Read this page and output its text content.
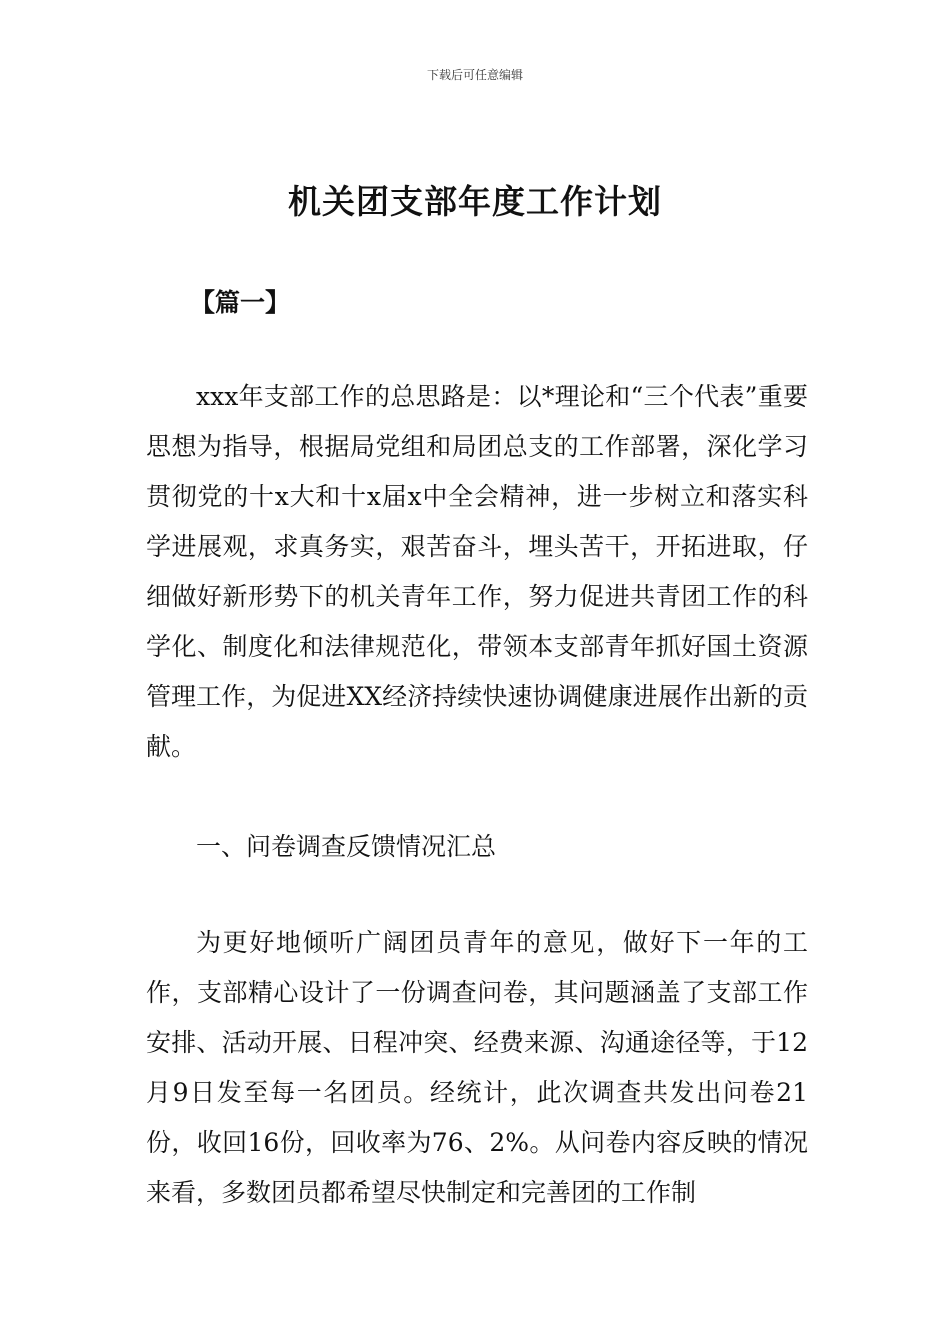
下载后可任意编辑
机关团支部年度工作计划
【篇一】

xxx年支部工作的总思路是：以*理论和“三个代表”重要思想为指导，根据局党组和局团总支的工作部署，深化学习贯彻党的十x大和十x届x中全会精神，进一步树立和落实科学进展观，求真务实，艰苦奋斗，埋头苦干，开拓进取，仔细做好新形势下的机关青年工作，努力促进共青团工作的科学化、制度化和法律规范化，带领本支部青年抓好国土资源管理工作，为促进XX经济持续快速协调健康进展作出新的贡献。

一、问卷调查反馈情况汇总

为更好地倾听广阔团员青年的意见，做好下一年的工作，支部精心设计了一份调查问卷，其问题涵盖了支部工作安排、活动开展、日程冲突、经费来源、沟通途径等，于12月9日发至每一名团员。经统计，此次调查共发出问卷21份，收回16份，回收率为76、2%。从问卷内容反映的情况来看，多数团员都希望尽快制定和完善团的工作制
